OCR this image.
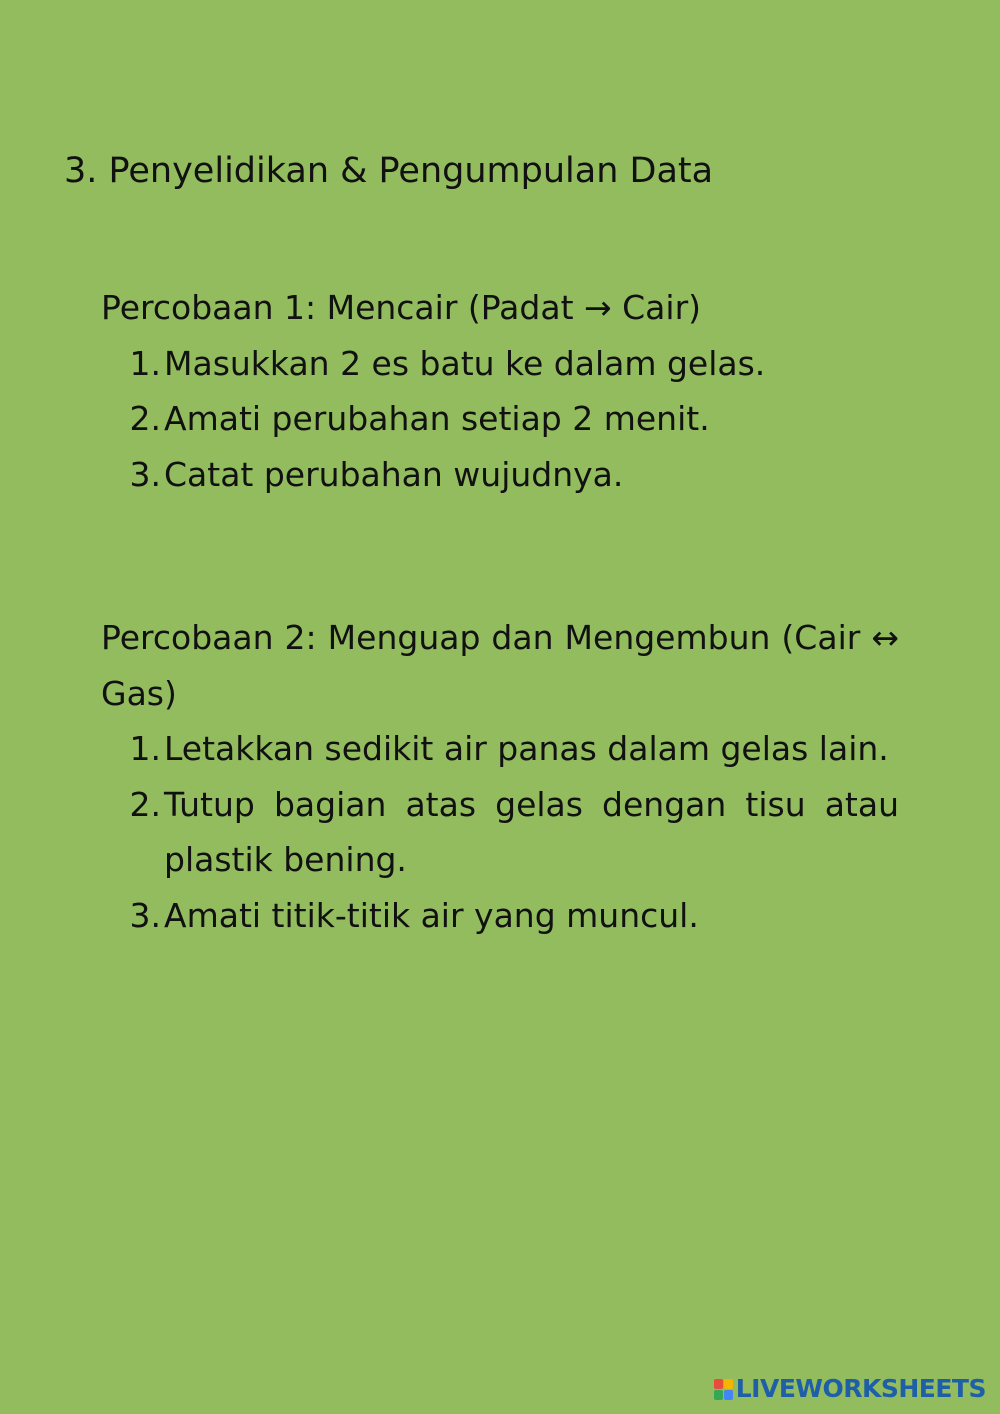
3. Penyelidikan & Pengumpulan Data

Percobaan 1: Mencair (Padat → Cair)

1. Masukkan 2 es batu ke dalam gelas.
2. Amati perubahan setiap 2 menit.
3. Catat perubahan wujudnya.

Percobaan 2: Menguap dan Mengembun (Cair ↔ Gas)

1. Letakkan sedikit air panas dalam gelas lain.
2. Tutup bagian atas gelas dengan tisu atau plastik bening.
3. Amati titik-titik air yang muncul.
LIVEWORKSHEETS
